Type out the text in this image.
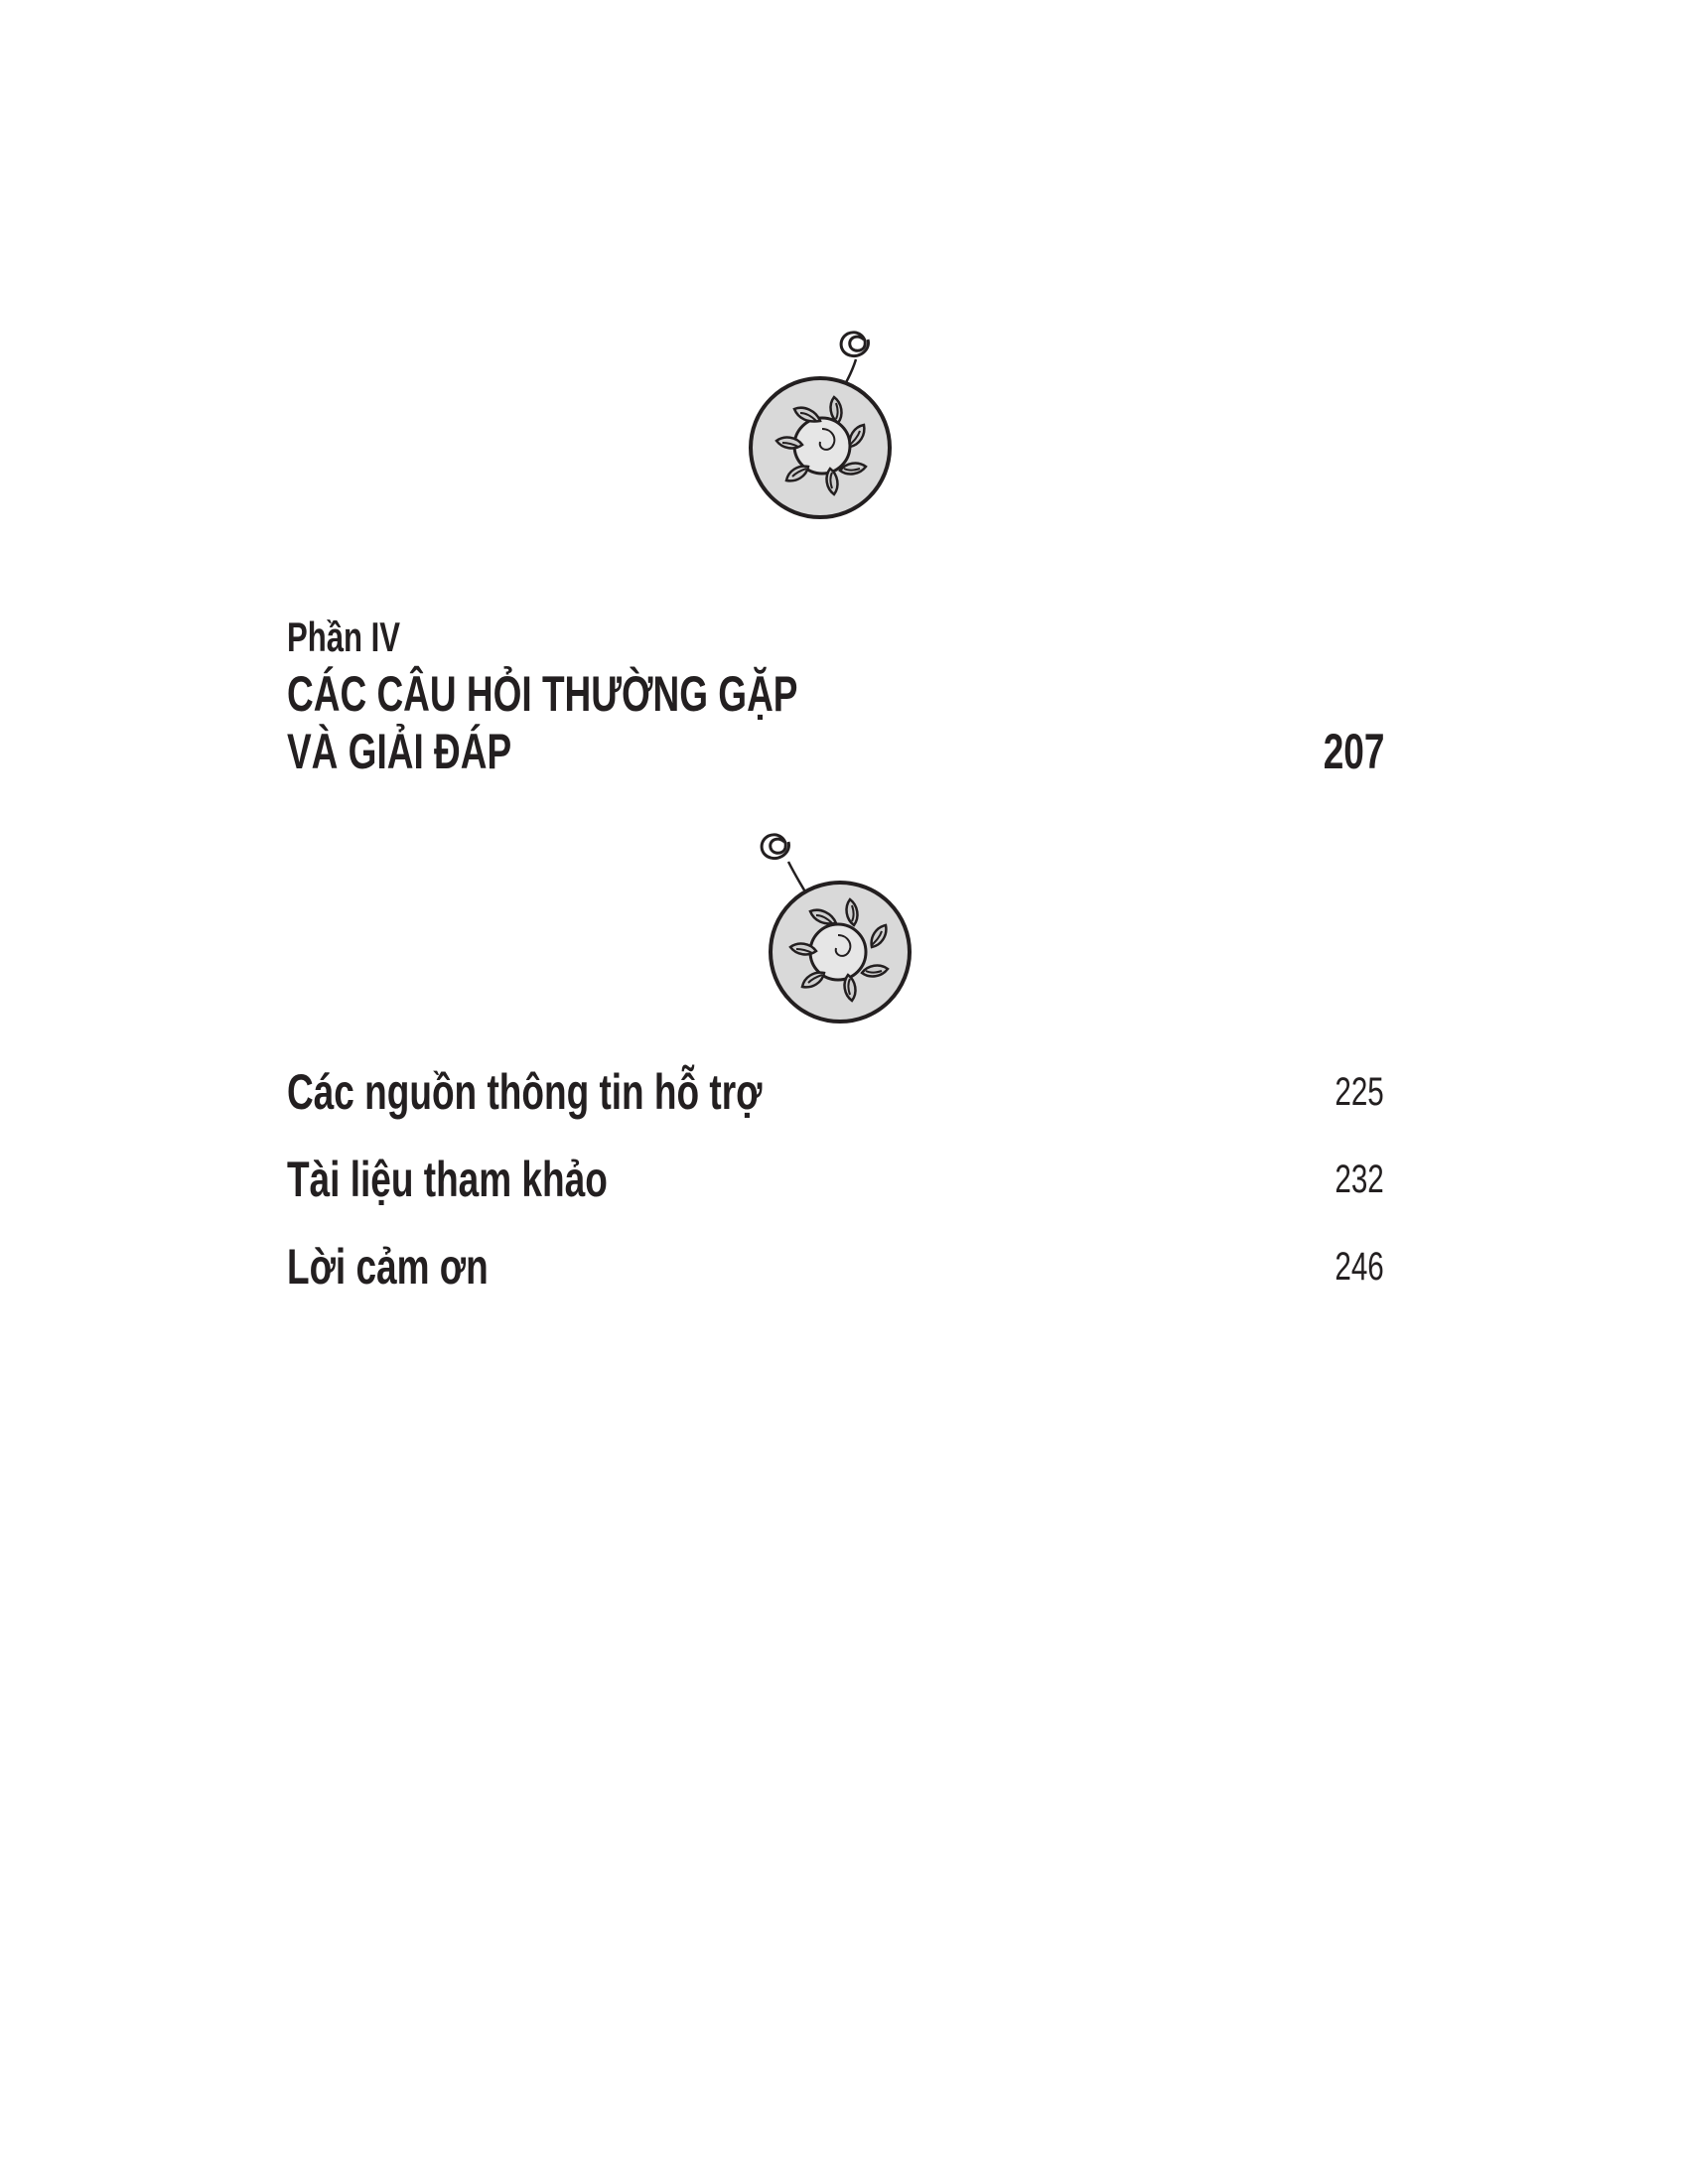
Phần IV
CÁC CÂU HỎI THƯỜNG GẶP
VÀ GIẢI ĐÁP	207
Các nguồn thông tin hỗ trợ	225
Tài liệu tham khảo	232
Lời cảm ơn	246
